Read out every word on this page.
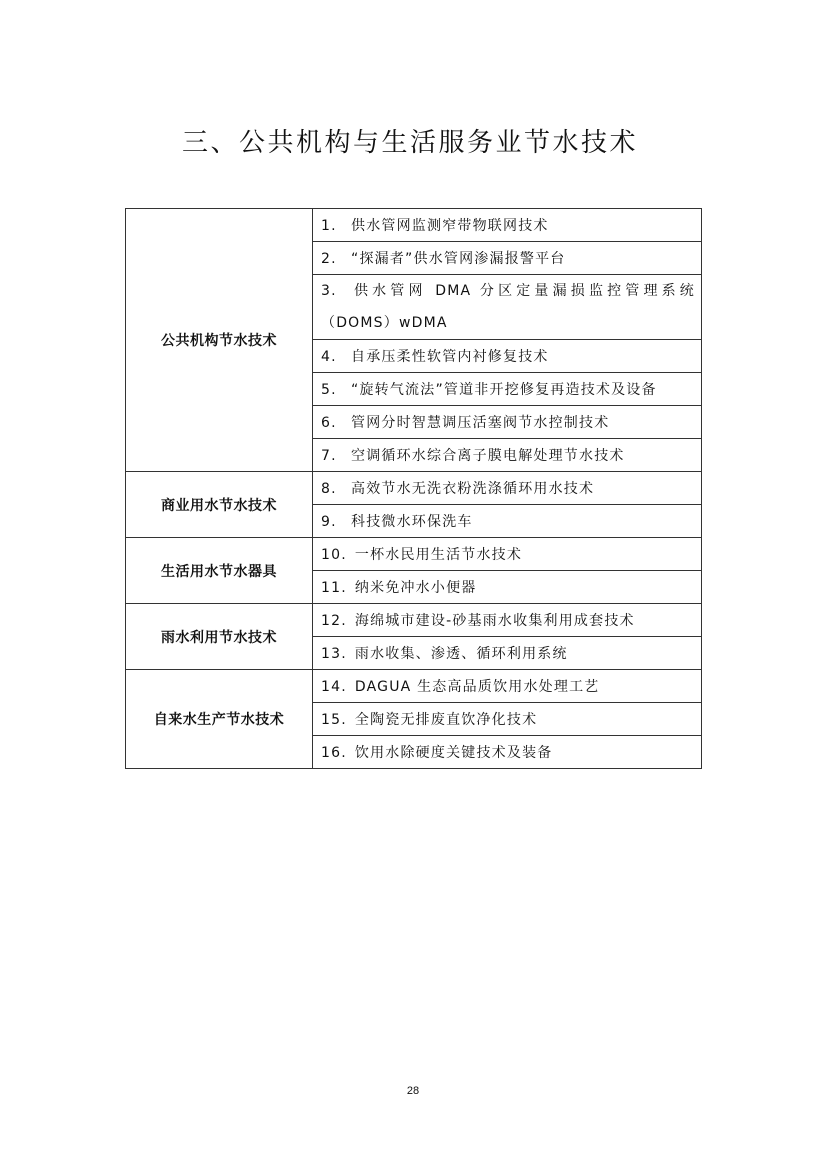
三、公共机构与生活服务业节水技术
公共机构节水技术	1. 供水管网监测窄带物联网技术
	2. “探漏者”供水管网渗漏报警平台
	3. 供水管网 DMA 分区定量漏损监控管理系统（DOMS）wDMA
	4. 自承压柔性软管内衬修复技术
	5. “旋转气流法”管道非开挖修复再造技术及设备
	6. 管网分时智慧调压活塞阀节水控制技术
	7. 空调循环水综合离子膜电解处理节水技术
商业用水节水技术	8. 高效节水无洗衣粉洗涤循环用水技术
	9. 科技微水环保洗车
生活用水节水器具	10. 一杯水民用生活节水技术
	11. 纳米免冲水小便器
雨水利用节水技术	12. 海绵城市建设-砂基雨水收集利用成套技术
	13. 雨水收集、渗透、循环利用系统
自来水生产节水技术	14. DAGUA 生态高品质饮用水处理工艺
	15. 全陶瓷无排废直饮净化技术
	16. 饮用水除硬度关键技术及装备
28
